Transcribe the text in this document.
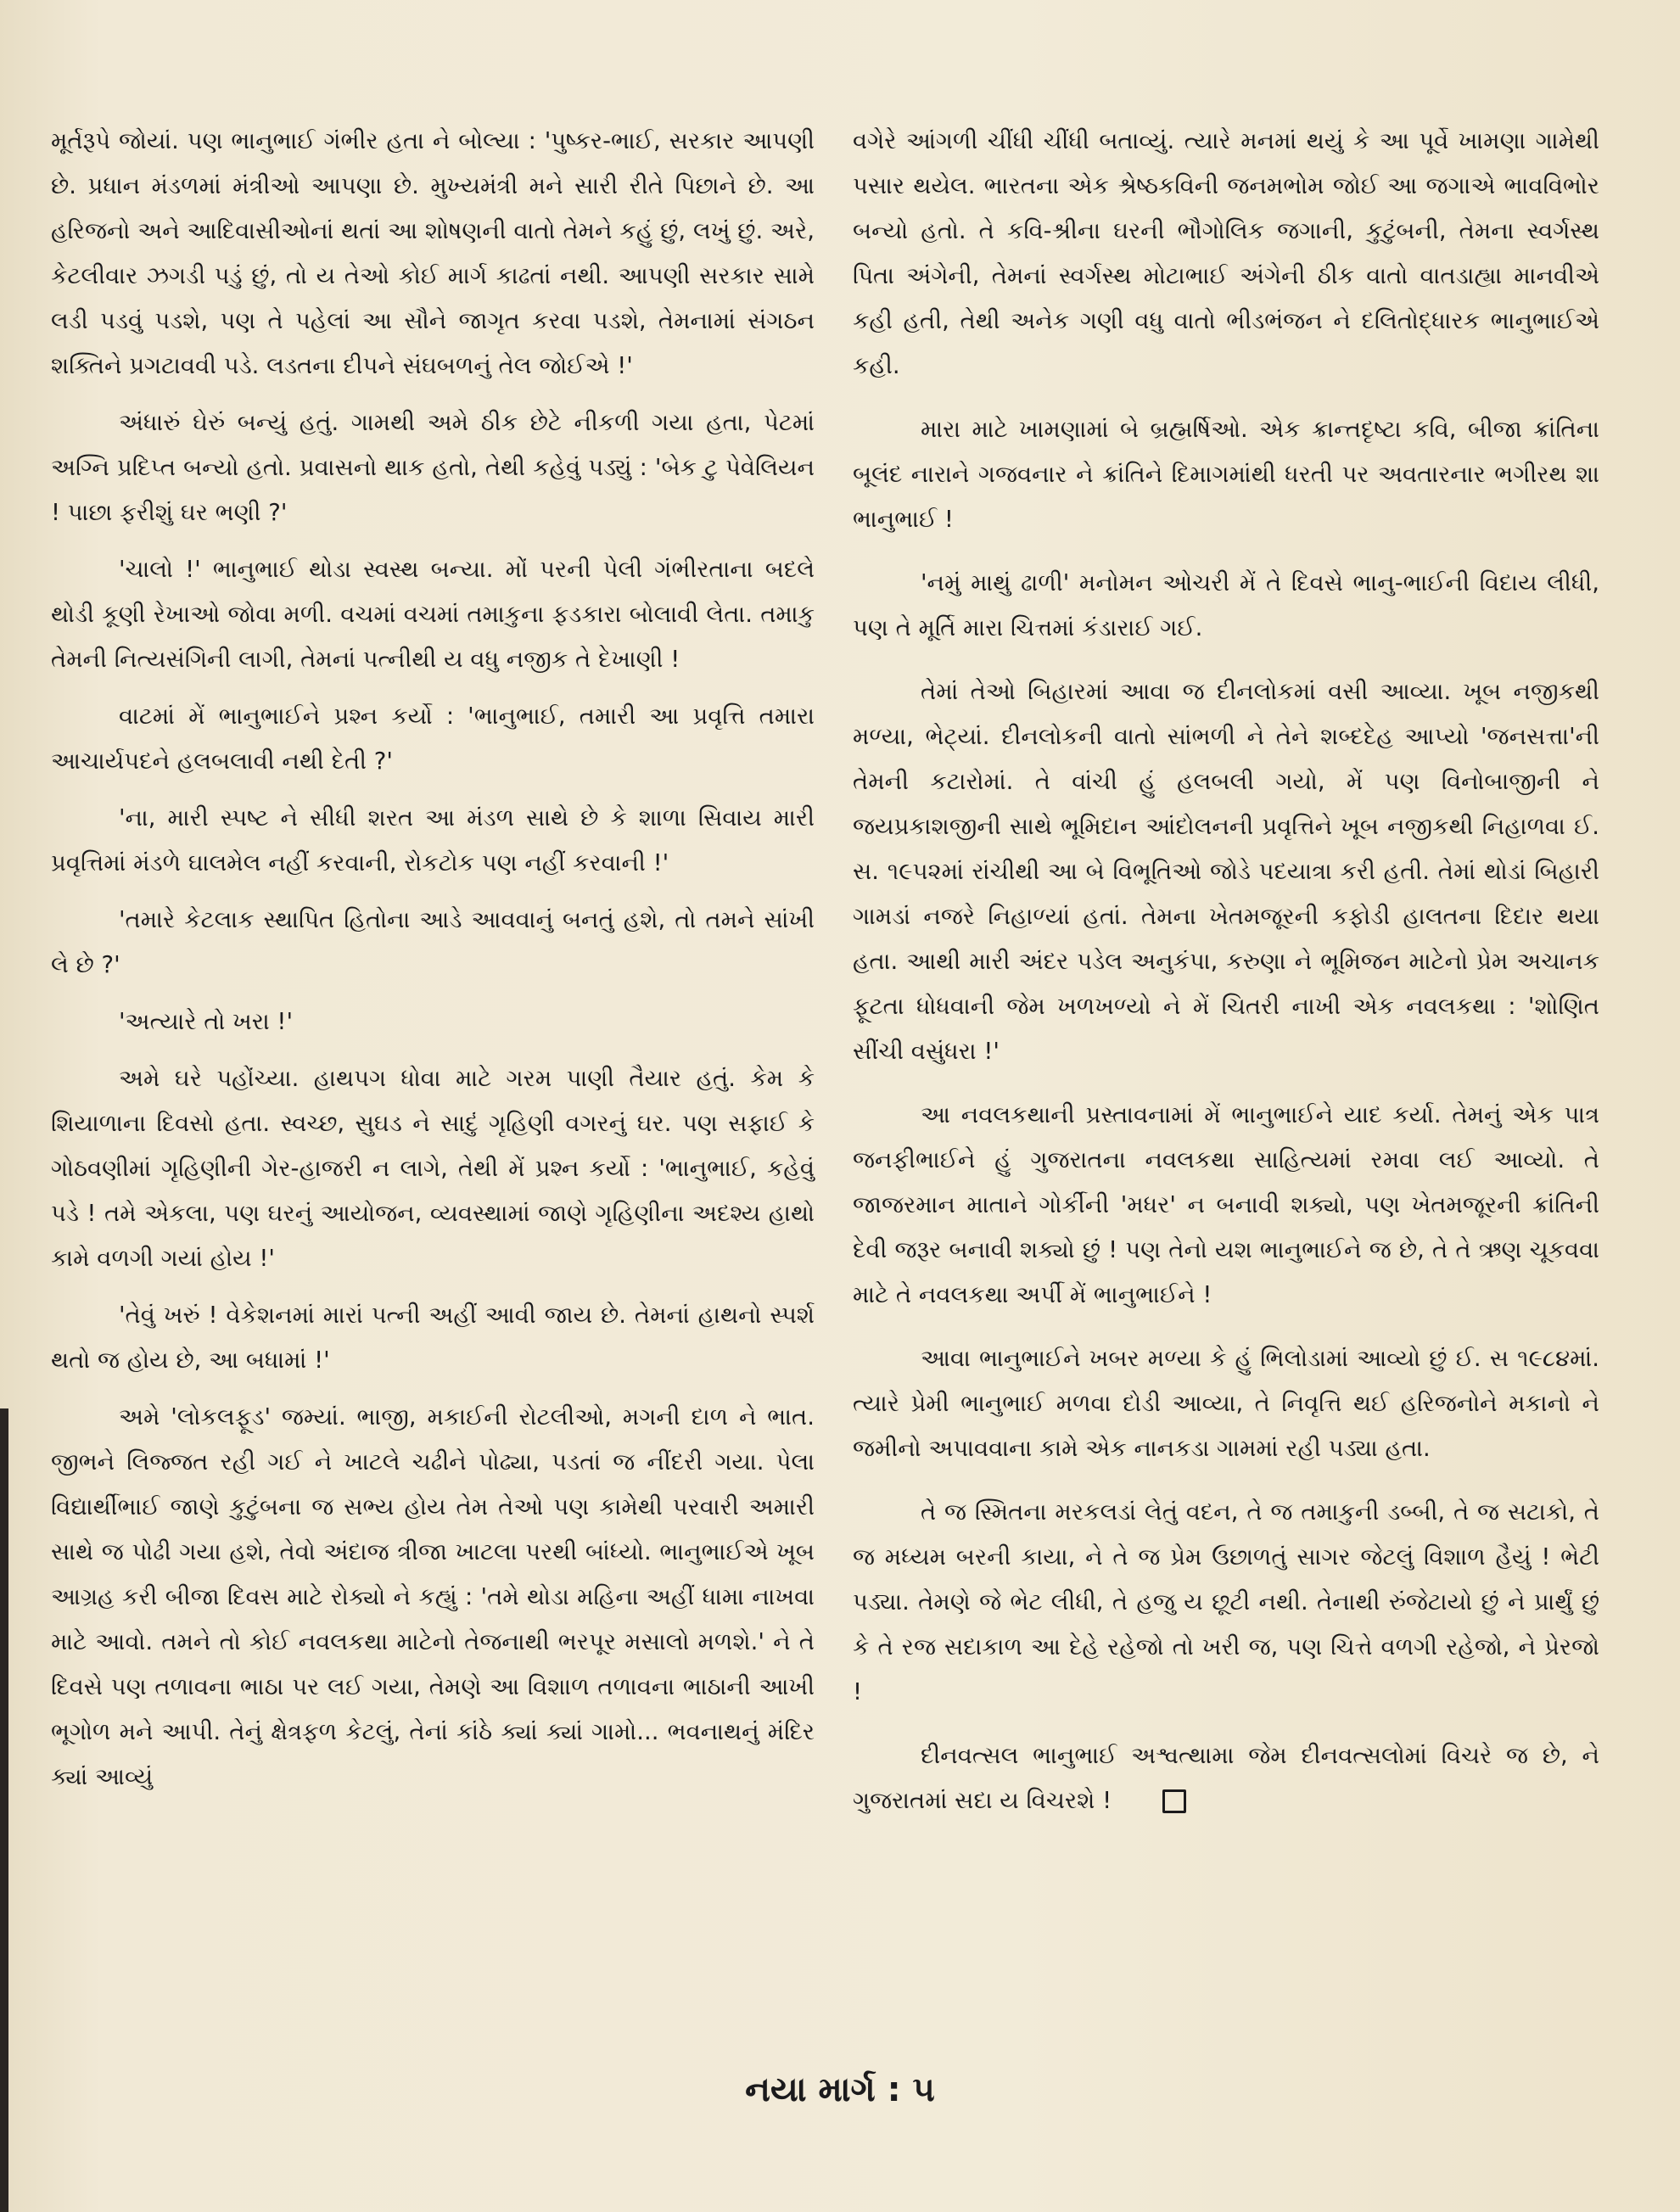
મૂર્તરૂપે જોયાં. પણ ભાનુભાઈ ગંભીર હતા ને બોલ્યા : 'પુષ્કર-ભાઈ, સરકાર આપણી છે. પ્રધાન મંડળમાં મંત્રીઓ આપણા છે. મુખ્યમંત્રી મને સારી રીતે પિછાને છે. આ હરિજનો અને આદિવાસીઓનાં થતાં આ શોષણની વાતો તેમને કહું છું, લખું છું. અરે, કેટલીવાર ઝગડી પડું છું, તો ય તેઓ કોઈ માર્ગ કાઢતાં નથી. આપણી સરકાર સામે લડી પડવું પડશે, પણ તે પહેલાં આ સૌને જાગૃત કરવા પડશે, તેમનામાં સંગઠન શક્તિને પ્રગટાવવી પડે. લડતના દીપને સંઘબળનું તેલ જોઈએ !'

અંધારું ઘેરું બન્યું હતું. ગામથી અમે ઠીક છેટે નીકળી ગયા હતા, પેટમાં અગ્નિ પ્રદિપ્ત બન્યો હતો. પ્રવાસનો થાક હતો, તેથી કહેવું પડ્યું : 'બેક ટુ પેવેલિયન ! પાછા ફરીશું ઘર ભણી ?'

'ચાલો !' ભાનુભાઈ થોડા સ્વસ્થ બન્યા. મોં પરની પેલી ગંભીરતાના બદલે થોડી કૂણી રેખાઓ જોવા મળી. વચમાં વચમાં તમાકુના ફડકારા બોલાવી લેતા. તમાકુ તેમની નિત્યસંગિની લાગી, તેમનાં પત્નીથી ય વધુ નજીક તે દેખાણી !

વાટમાં મેં ભાનુભાઈને પ્રશ્ન કર્યો : 'ભાનુભાઈ, તમારી આ પ્રવૃત્તિ તમારા આચાર્યપદને હલબલાવી નથી દેતી ?'

'ના, મારી સ્પષ્ટ ને સીધી શરત આ મંડળ સાથે છે કે શાળા સિવાય મારી પ્રવૃત્તિમાં મંડળે ઘાલમેલ નહીં કરવાની, રોકટોક પણ નહીં કરવાની !'

'તમારે કેટલાક સ્થાપિત હિતોના આડે આવવાનું બનતું હશે, તો તમને સાંખી લે છે ?'

'અત્યારે તો ખરા !'

અમે ઘરે પહોંચ્યા. હાથપગ ધોવા માટે ગરમ પાણી તૈયાર હતું. કેમ કે શિયાળાના દિવસો હતા. સ્વચ્છ, સુઘડ ને સાદું ગૃહિણી વગરનું ઘર. પણ સફાઈ કે ગોઠવણીમાં ગૃહિણીની ગેર-હાજરી ન લાગે, તેથી મેં પ્રશ્ન કર્યો : 'ભાનુભાઈ, કહેવું પડે ! તમે એકલા, પણ ઘરનું આયોજન, વ્યવસ્થામાં જાણે ગૃહિણીના અદશ્ય હાથો કામે વળગી ગયાં હોય !'

'તેવું ખરું ! વેકેશનમાં મારાં પત્ની અહીં આવી જાય છે. તેમનાં હાથનો સ્પર્શ થતો જ હોય છે, આ બધામાં !'

અમે 'લોકલફૂડ' જમ્યાં. ભાજી, મકાઈની રોટલીઓ, મગની દાળ ને ભાત. જીભને લિજ્જત રહી ગઈ ને ખાટલે ચઢીને પોઢ્યા, પડતાં જ નીંદરી ગયા. પેલા વિદ્યાર્થીભાઈ જાણે કુટુંબના જ સભ્ય હોય તેમ તેઓ પણ કામેથી પરવારી અમારી સાથે જ પોઢી ગયા હશે, તેવો અંદાજ ત્રીજા ખાટલા પરથી બાંધ્યો. ભાનુભાઈએ ખૂબ આગ્રહ કરી બીજા દિવસ માટે રોક્યો ને કહ્યું : 'તમે થોડા મહિના અહીં ધામા નાખવા માટે આવો. તમને તો કોઈ નવલકથા માટેનો તેજનાથી ભરપૂર મસાલો મળશે.' ને તે દિવસે પણ તળાવના ભાઠા પર લઈ ગયા, તેમણે આ વિશાળ તળાવના ભાઠાની આખી ભૂગોળ મને આપી. તેનું ક્ષેત્રફળ કેટલું, તેનાં કાંઠે ક્યાં ક્યાં ગામો... ભવનાથનું મંદિર ક્યાં આવ્યું

વગેરે આંગળી ચીંધી ચીંધી બતાવ્યું. ત્યારે મનમાં થયું કે આ પૂર્વે ખામણા ગામેથી પસાર થયેલ. ભારતના એક શ્રેષ્ઠકવિની જનમભોમ જોઈ આ જગાએ ભાવવિભોર બન્યો હતો. તે કવિ-શ્રીના ઘરની ભૌગોલિક જગાની, કુટુંબની, તેમના સ્વર્ગસ્થ પિતા અંગેની, તેમનાં સ્વર્ગસ્થ મોટાભાઈ અંગેની ઠીક વાતો વાતડાહ્યા માનવીએ કહી હતી, તેથી અનેક ગણી વધુ વાતો ભીડભંજન ને દલિતોદ્ધારક ભાનુભાઈએ કહી.

મારા માટે ખામણામાં બે બ્રહ્મર્ષિઓ. એક ક્રાન્તદૃષ્ટા કવિ, બીજા ક્રાંતિના બૂલંદ નારાને ગજવનાર ને ક્રાંતિને દિમાગમાંથી ધરતી પર અવતારનાર ભગીરથ શા ભાનુભાઈ !

'નમું માથું ઢાળી' મનોમન ઓચરી મેં તે દિવસે ભાનુ-ભાઈની વિદાય લીધી, પણ તે મૂર્તિ મારા ચિત્તમાં કંડારાઈ ગઈ.

તેમાં તેઓ બિહારમાં આવા જ દીનલોકમાં વસી આવ્યા. ખૂબ નજીકથી મળ્યા, ભેટ્યાં. દીનલોકની વાતો સાંભળી ને તેને શબ્દદેહ આપ્યો 'જનસત્તા'ની તેમની કટારોમાં. તે વાંચી હું હલબલી ગયો, મેં પણ વિનોબાજીની ને જયપ્રકાશજીની સાથે ભૂમિદાન આંદોલનની પ્રવૃત્તિને ખૂબ નજીકથી નિહાળવા ઈ. સ. ૧૯૫૨માં રાંચીથી આ બે વિભૂતિઓ જોડે પદયાત્રા કરી હતી. તેમાં થોડાં બિહારી ગામડાં નજરે નિહાળ્યાં હતાં. તેમના ખેતમજૂરની કફોડી હાલતના દિદાર થયા હતા. આથી મારી અંદર પડેલ અનુકંપા, કરુણા ને ભૂમિજન માટેનો પ્રેમ અચાનક ફૂટતા ધોધવાની જેમ ખળખળ્યો ને મેં ચિતરી નાખી એક નવલકથા : 'શોણિત સીંચી વસુંધરા !'

આ નવલકથાની પ્રસ્તાવનામાં મેં ભાનુભાઈને યાદ કર્યા. તેમનું એક પાત્ર જનફીભાઈને હું ગુજરાતના નવલકથા સાહિત્યમાં રમવા લઈ આવ્યો. તે જાજરમાન માતાને ગોર્કીની 'મધર' ન બનાવી શક્યો, પણ ખેતમજૂરની ક્રાંતિની દેવી જરૂર બનાવી શક્યો છું ! પણ તેનો યશ ભાનુભાઈને જ છે, તે તે ઋણ ચૂકવવા માટે તે નવલકથા અર્પી મેં ભાનુભાઈને !

આવા ભાનુભાઈને ખબર મળ્યા કે હું ભિલોડામાં આવ્યો છું ઈ. સ ૧૯૮૪માં. ત્યારે પ્રેમી ભાનુભાઈ મળવા દોડી આવ્યા, તે નિવૃત્તિ થઈ હરિજનોને મકાનો ને જમીનો અપાવવાના કામે એક નાનકડા ગામમાં રહી પડ્યા હતા.

તે જ સ્મિતના મરકલડાં લેતું વદન, તે જ તમાકુની ડબ્બી, તે જ સટાકો, તે જ મધ્યમ બરની કાયા, ને તે જ પ્રેમ ઉછાળતું સાગર જેટલું વિશાળ હૈયું ! ભેટી પડ્યા. તેમણે જે ભેટ લીધી, તે હજુ ય છૂટી નથી. તેનાથી રુંજેટાયો છું ને પ્રાર્થું છું કે તે રજ સદાકાળ આ દેહે રહેજો તો ખરી જ, પણ ચિત્તે વળગી રહેજો, ને પ્રેરજો !

દીનવત્સલ ભાનુભાઈ અશ્વત્થામા જેમ દીનવત્સલોમાં વિચરે જ છે, ને ગુજરાતમાં સદા ય વિચરશે !

નયા માર્ગ : ૫
